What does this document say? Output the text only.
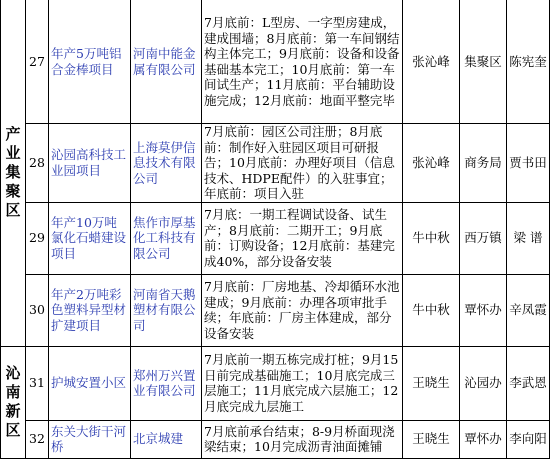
产
业
集
聚
区	27	年产5万吨铝合金棒项目	河南中能金属有限公司	7月底前：L型房、一字型房建成，建成围墙；8月底前：第一车间钢结构主体完工；9月底前：设备和设备基础基本完工；10月底前：第一车间试生产；11月底前：平台辅助设施完成；12月底前：地面平整完毕	张沁峰	集聚区	陈宪奎
	28	沁园高科技工业园项目	上海莫伊信息技术有限公司	7月底前：园区公司注册；8月底前：制作好入驻园区项目可研报告；10月底前：办理好项目（信息技术、HDPE配件）的入驻事宜；年底前：项目入驻	张沁峰	商务局	贾书田
	29	年产10万吨氯化石蜡建设项目	焦作市厚基化工科技有限公司	7月底：一期工程调试设备、试生产；8月底前：二期开工；9月底前：订购设备；12月底前：基建完成40%，部分设备安装	牛中秋	西万镇	梁 谱
	30	年产2万吨彩色塑料异型材扩建项目	河南省天鹅塑材有限公司	7月底前：厂房地基、冷却循环水池建成；9月底前：办理各项审批手续；年底前：厂房主体建成，部分设备安装	牛中秋	覃怀办	辛凤霞

沁
南
新
区	31	护城安置小区	郑州万兴置业有限公司	7月底前一期五栋完成打桩；9月15日前完成基础施工；10月底完成三层施工；11月底完成六层施工；12月底完成九层施工	王晓生	沁园办	李武恩
	32	东关大街干河桥	北京城建	7月底前承台结束；8-9月桥面现浇梁结束；10月完成沥青油面摊铺	王晓生	覃怀办	李向阳
